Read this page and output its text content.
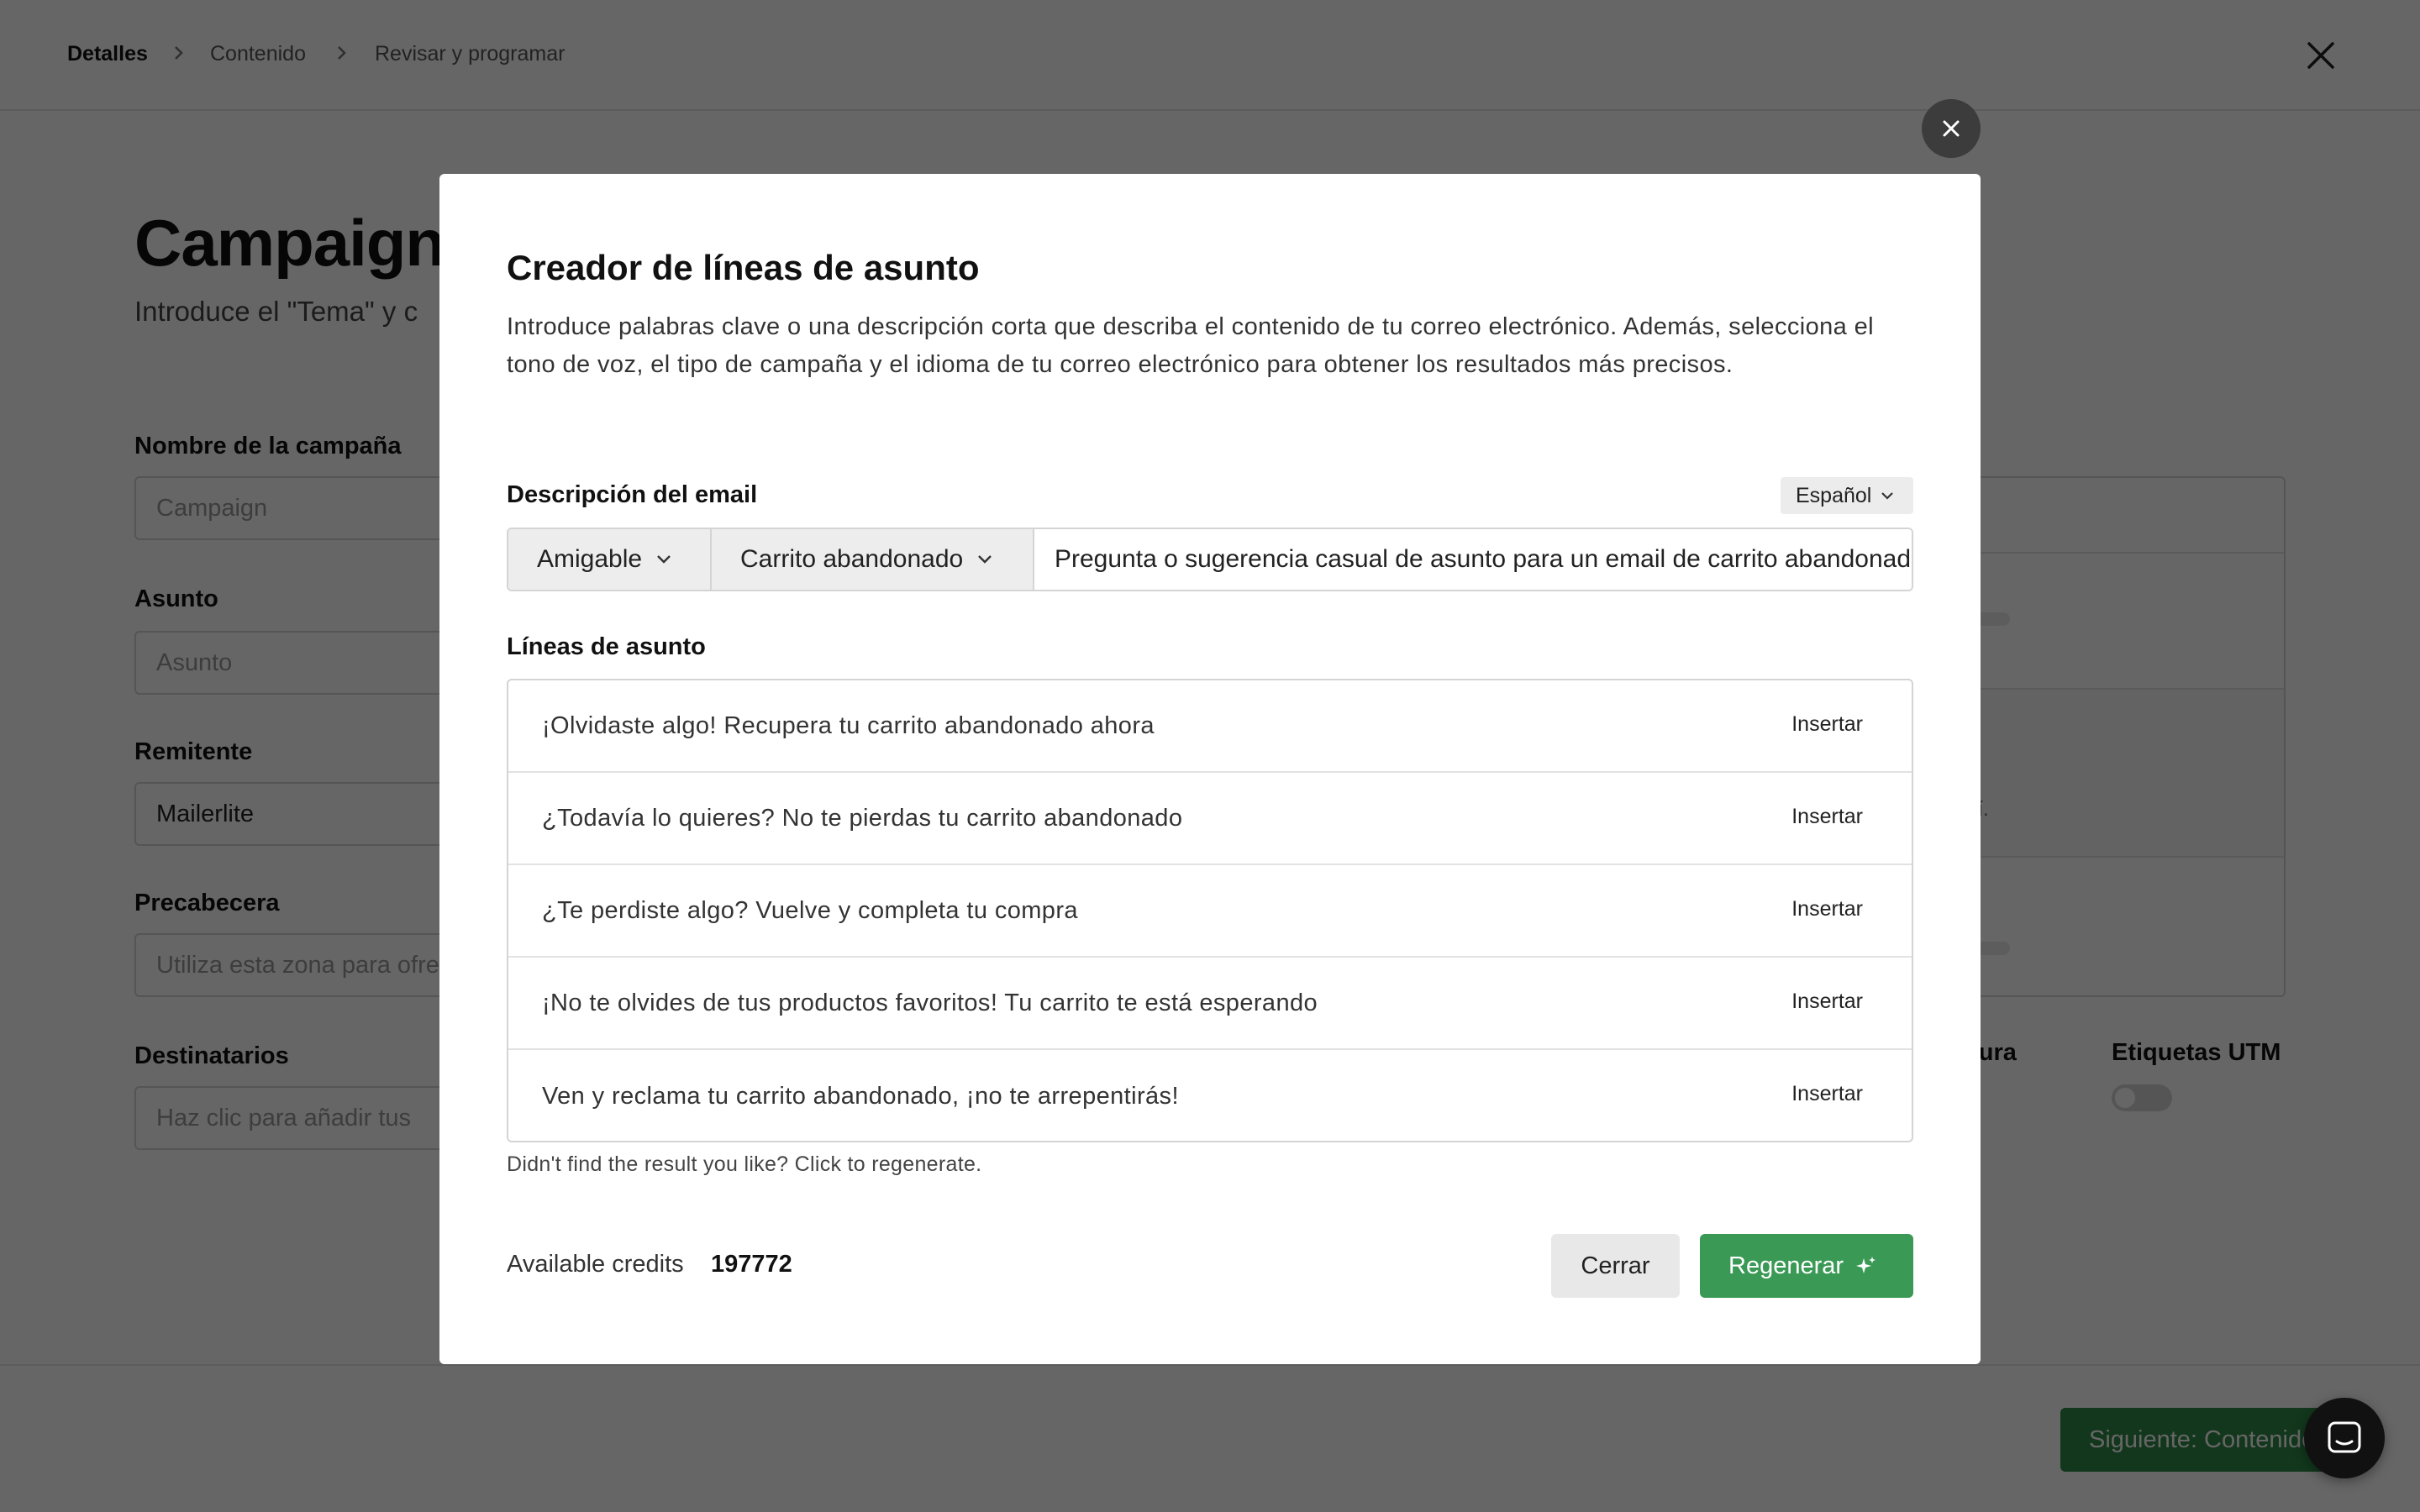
Creador de líneas de asunto
Introduce palabras clave o una descripción corta que describa el contenido de tu correo electrónico. Además, selecciona el tono de voz, el tipo de campaña y el idioma de tu correo electrónico para obtener los resultados más precisos.
Descripción del email	Español
Amigable	Carrito abandonado
Pregunta o sugerencia casual de asunto para un email de carrito abandonado
Líneas de asunto
¡Olvidaste algo! Recupera tu carrito abandonado ahora	Insertar
¿Todavía lo quieres? No te pierdas tu carrito abandonado	Insertar
¿Te perdiste algo? Vuelve y completa tu compra	Insertar
¡No te olvides de tus productos favoritos! Tu carrito te está esperando	Insertar
Ven y reclama tu carrito abandonado, ¡no te arrepentirás!	Insertar
Didn't find the result you like? Click to regenerate.
Available credits 197772	Cerrar	Regenerar
